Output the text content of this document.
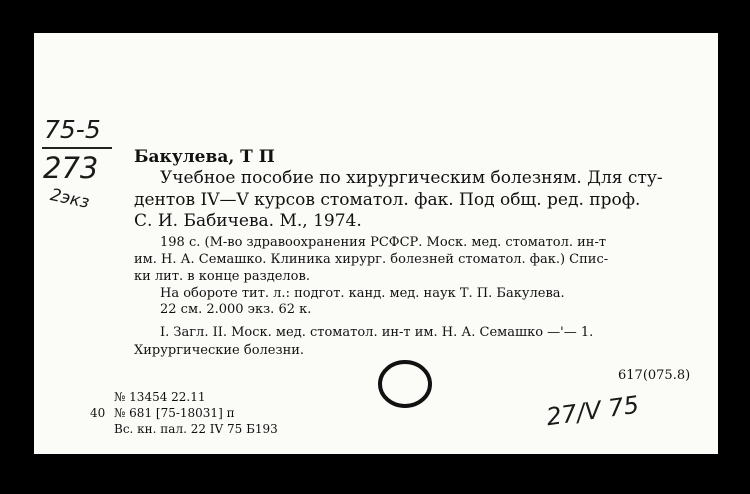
75-5
273
2экз
Бакулева, Т П
Учебное пособие по хирургическим болезням. Для сту-
дентов IV—V курсов стоматол. фак. Под общ. ред. проф.
С. И. Бабичева. М., 1974.
198 с. (М-во здравоохранения РСФСР. Моск. мед. стоматол. ин-т
им. Н. А. Семашко. Клиника хирург. болезней стоматол. фак.) Спис-
ки лит. в конце разделов.
На обороте тит. л.: подгот. канд. мед. наук Т. П. Бакулева.
22 см. 2.000 экз. 62 к.
I. Загл. II. Моск. мед. стоматол. ин-т им. Н. А. Семашко —'— 1.
Хирургические болезни.
617(075.8)
№ 13454 22.11
40 № 681 [75-18031] п
Вс. кн. пал. 22 IV 75 Б193	27/V 75
